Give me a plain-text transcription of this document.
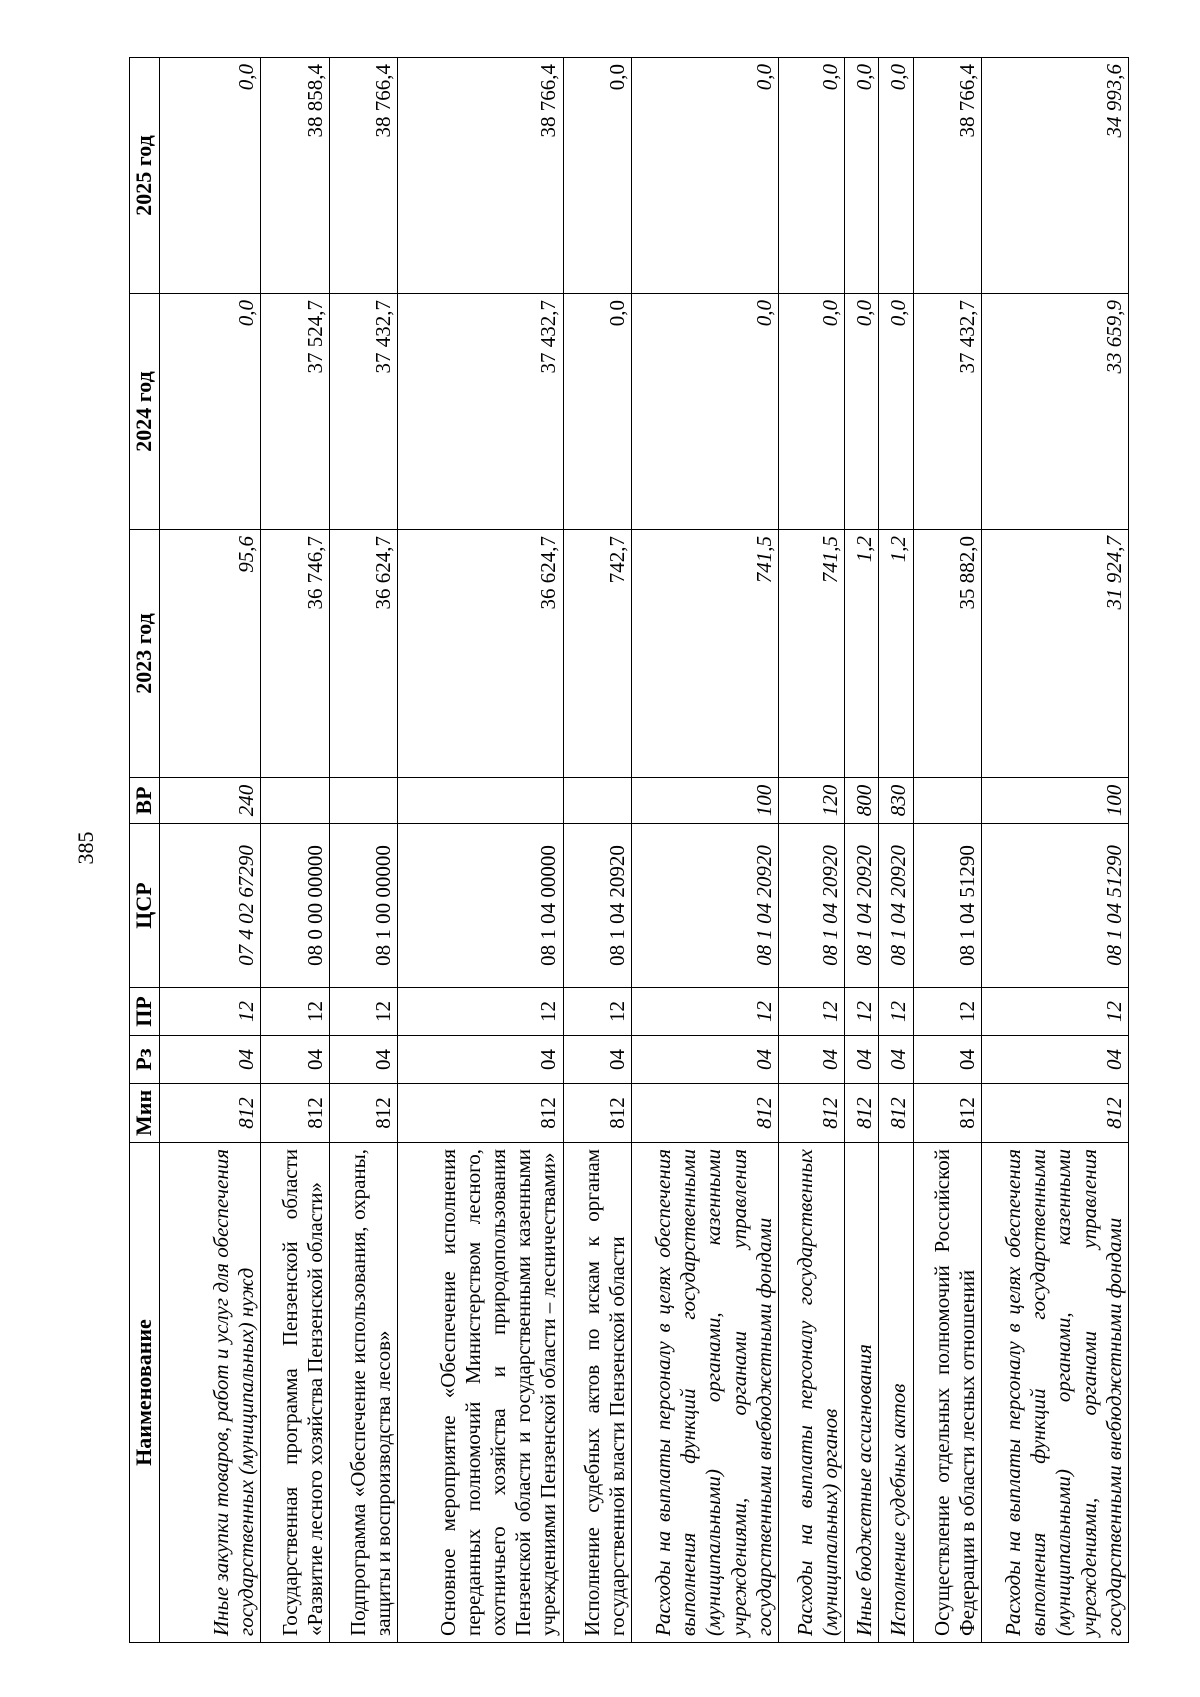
385
Наименование	Мин	Рз	ПР	ЦСР	ВР	2023 год	2024 год	2025 год
Иные закупки товаров, работ и услуг для обеспечения государственных (муниципальных) нужд	812	04	12	07 4 02 67290	240	95,6	0,0	0,0
Государственная программа Пензенской области «Развитие лесного хозяйства Пензенской области»	812	04	12	08 0 00 00000		36 746,7	37 524,7	38 858,4
Подпрограмма «Обеспечение использования, охраны, защиты и воспроизводства лесов»	812	04	12	08 1 00 00000		36 624,7	37 432,7	38 766,4
Основное мероприятие «Обеспечение исполнения переданных полномочий Министерством лесного, охотничьего хозяйства и природопользования Пензенской области и государственными казенными учреждениями Пензенской области – лесничествами»	812	04	12	08 1 04 00000		36 624,7	37 432,7	38 766,4
Исполнение судебных актов по искам к органам государственной власти Пензенской области	812	04	12	08 1 04 20920		742,7	0,0	0,0
Расходы на выплаты персоналу в целях обеспечения выполнения функций государственными (муниципальными) органами, казенными учреждениями, органами управления государственными внебюджетными фондами	812	04	12	08 1 04 20920	100	741,5	0,0	0,0
Расходы на выплаты персоналу государственных (муниципальных) органов	812	04	12	08 1 04 20920	120	741,5	0,0	0,0
Иные бюджетные ассигнования	812	04	12	08 1 04 20920	800	1,2	0,0	0,0
Исполнение судебных актов	812	04	12	08 1 04 20920	830	1,2	0,0	0,0
Осуществление отдельных полномочий Российской Федерации в области лесных отношений	812	04	12	08 1 04 51290		35 882,0	37 432,7	38 766,4
Расходы на выплаты персоналу в целях обеспечения выполнения функций государственными (муниципальными) органами, казенными учреждениями, органами управления государственными внебюджетными фондами	812	04	12	08 1 04 51290	100	31 924,7	33 659,9	34 993,6
